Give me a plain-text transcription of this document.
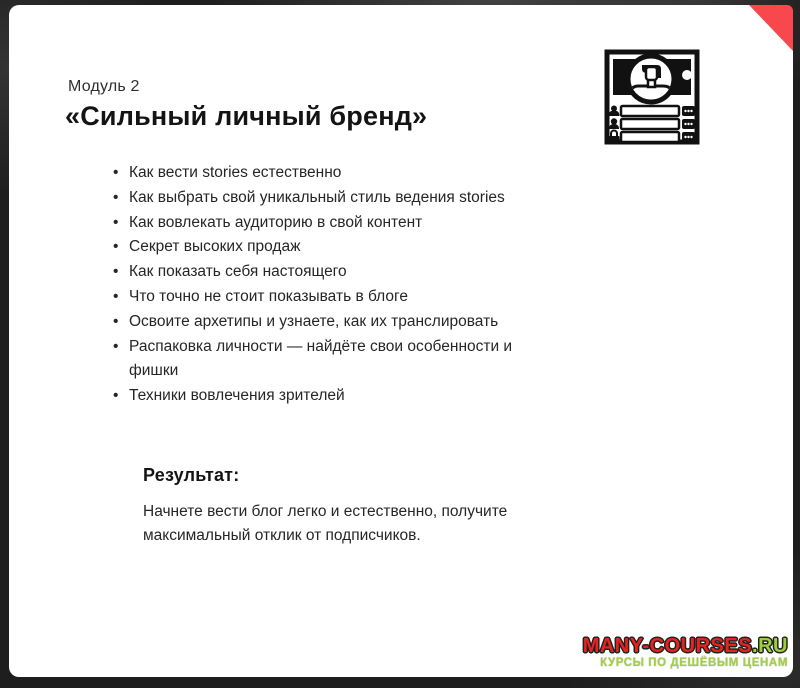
Модуль 2
«Сильный личный бренд»
• Как вести stories естественно
• Как выбрать свой уникальный стиль ведения stories
• Как вовлекать аудиторию в свой контент
• Секрет высоких продаж
• Как показать себя настоящего
• Что точно не стоит показывать в блоге
• Освоите архетипы и узнаете, как их транслировать
• Распаковка личности — найдёте свои особенности и фишки
• Техники вовлечения зрителей
Результат:

Начнете вести блог легко и естественно, получите максимальный отклик от подписчиков.

MANY-COURSES.RU
КУРСЫ ПО ДЕШЁВЫМ ЦЕНАМ
